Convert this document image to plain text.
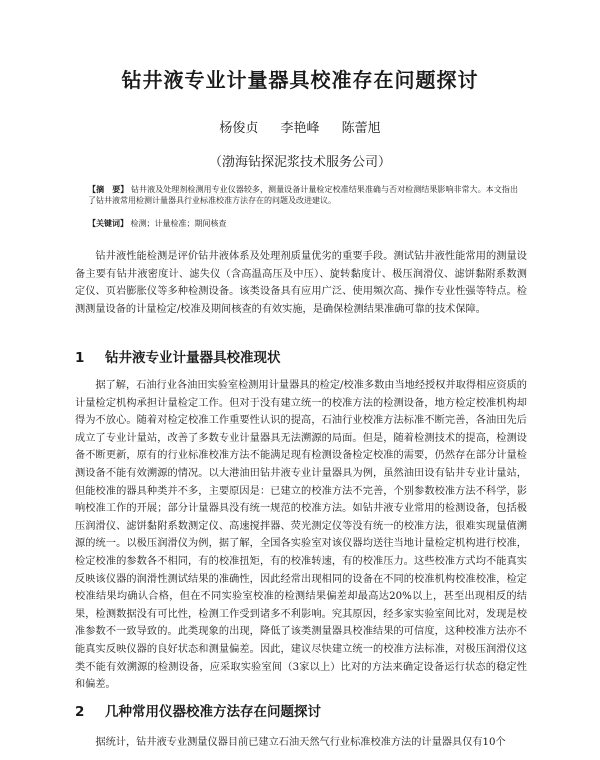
钻井液专业计量器具校准存在问题探讨
杨俊贞 李艳峰 陈蕾旭
（渤海钻探泥浆技术服务公司）
【摘　要】 钻井液及处理剂检测用专业仪器较多，测量设备计量检定校准结果准确与否对检测结果影响非常大。本文指出了钻井液常用检测计量器具行业标准校准方法存在的问题及改进建议。
【关键词】 检测；计量检准；期间核查

钻井液性能检测是评价钻井液体系及处理剂质量优劣的重要手段。测试钻井液性能常用的测量设备主要有钻井液密度计、滤失仪（含高温高压及中压）、旋转黏度计、极压润滑仪、滤饼黏附系数测定仪、页岩膨胀仪等多种检测设备。该类设备具有应用广泛、使用频次高、操作专业性强等特点。检测测量设备的计量检定/校准及期间核查的有效实施，是确保检测结果准确可靠的技术保障。

1 钻井液专业计量器具校准现状

据了解，石油行业各油田实验室检测用计量器具的检定/校准多数由当地经授权并取得相应资质的计量检定机构承担计量检定工作。但对于没有建立统一的校准方法的检测设备，地方检定校准机构却得为不放心。随着对检定校准工作重要性认识的提高，石油行业校准方法标准不断完善，各油田先后成立了专业计量站，改善了多数专业计量器具无法溯源的局面。但是，随着检测技术的提高，检测设备不断更新，原有的行业标准校准方法不能满足现有检测设备检定校准的需要，仍然存在部分计量检测设备不能有效溯源的情况。以大港油田钻井液专业计量器具为例，虽然油田设有钻井专业计量站，但能校准的器具种类并不多，主要原因是：已建立的校准方法不完善，个别参数校准方法不科学，影响校准工作的开展；部分计量器具没有统一规范的校准方法。如钻井液专业常用的检测设备，包括极压润滑仪、滤饼黏附系数测定仪、高速搅拌器、荧光测定仪等没有统一的校准方法，很难实现量值溯源的统一。以极压润滑仪为例，据了解，全国各实验室对该仪器均送往当地计量检定机构进行校准，检定校准的参数各不相同，有的校准扭矩，有的校准转速，有的校准压力。这些校准方式均不能真实反映该仪器的润滑性测试结果的准确性，因此经常出现相同的设备在不同的校准机构校准校准，检定校准结果均确认合格，但在不同实验室校准的检测结果偏差却最高达20%以上，甚至出现相反的结果，检测数据没有可比性，检测工作受到诸多不利影响。究其原因，经多家实验室间比对，发现是校准参数不一致导致的。此类现象的出现，降低了该类测量器具校准结果的可信度，这种校准方法亦不能真实反映仪器的良好状态和测量偏差。因此，建议尽快建立统一的校准方法标准，对极压润滑仪这类不能有效溯源的检测设备，应采取实验室间（3家以上）比对的方法来确定设备运行状态的稳定性和偏差。

2 几种常用仪器校准方法存在问题探讨

据统计，钻井液专业测量仪器目前已建立石油天然气行业标准校准方法的计量器具仅有10个
